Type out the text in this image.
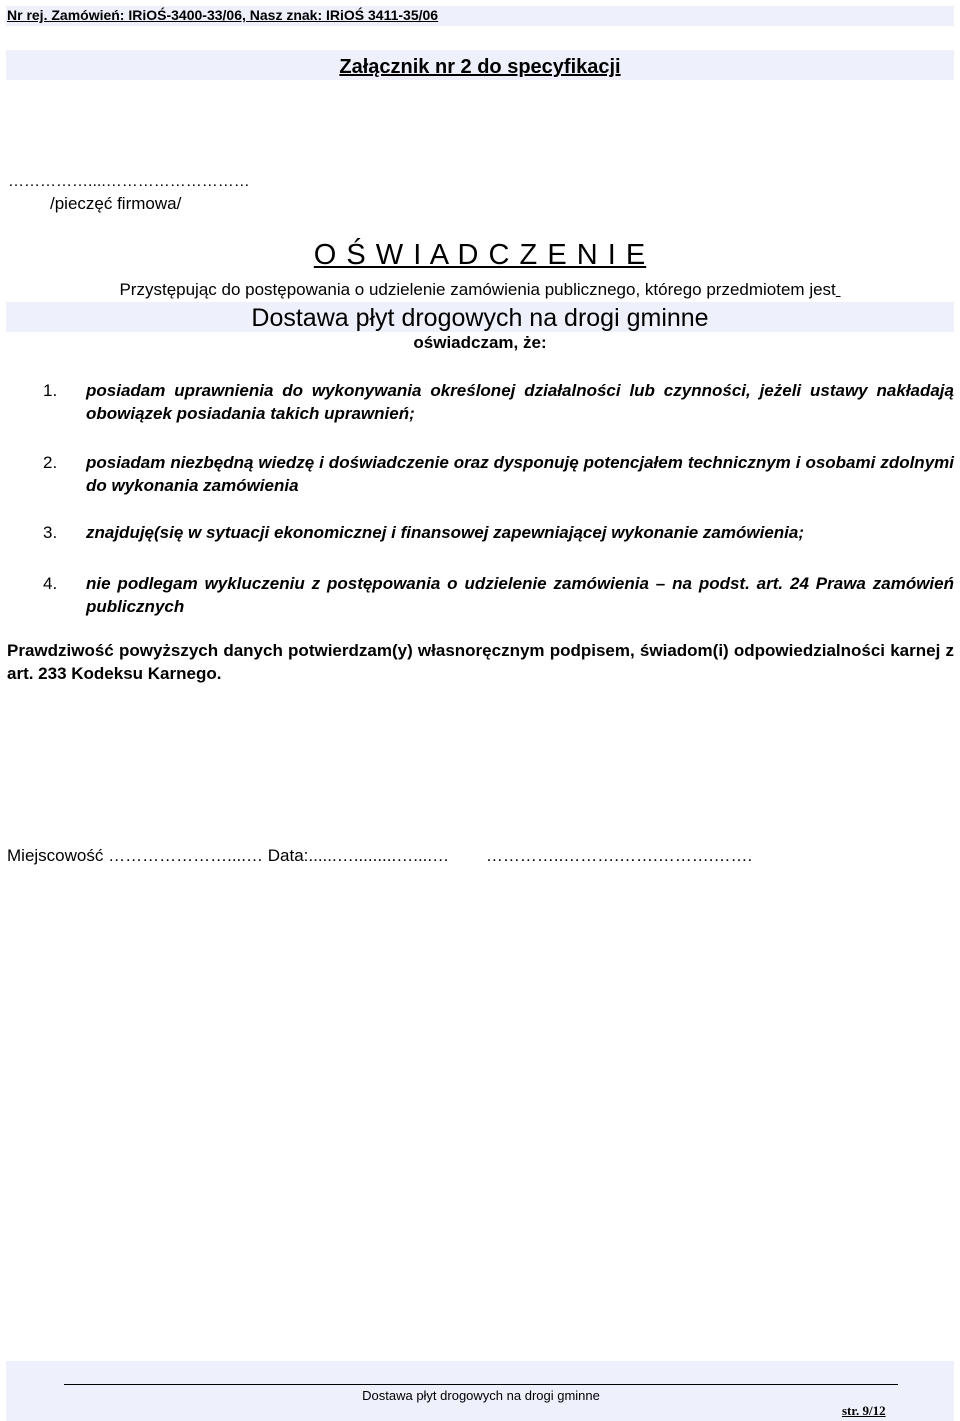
Nr rej. Zamówień: IRiOŚ-3400-33/06, Nasz znak: IRiOŚ 3411-35/06
Załącznik nr 2 do specyfikacji
……………....………………………
/pieczęć firmowa/
O Ś W I A D C Z E N I E
Przystępując do postępowania o udzielenie zamówienia publicznego, którego przedmiotem jest
Dostawa płyt drogowych na drogi gminne
oświadczam, że:
1.	posiadam uprawnienia do wykonywania określonej działalności lub czynności, jeżeli ustawy nakładają obowiązek posiadania takich uprawnień;
2.	posiadam niezbędną wiedzę i doświadczenie oraz dysponuję potencjałem technicznym i osobami zdolnymi do wykonania zamówienia
3.	znajduję(się w sytuacji ekonomicznej i finansowej zapewniającej wykonanie zamówienia;
4.	nie podlegam wykluczeniu z postępowania o udzielenie zamówienia – na podst. art. 24 Prawa zamówień publicznych
Prawdziwość powyższych danych potwierdzam(y) własnoręcznym podpisem, świadom(i) odpowiedzialności karnej z art. 233 Kodeksu Karnego.
Miejscowość …………………....… Data:......….........…....… …………..……….…….……….…….
Dostawa płyt drogowych na drogi gminne
str. 9/12
